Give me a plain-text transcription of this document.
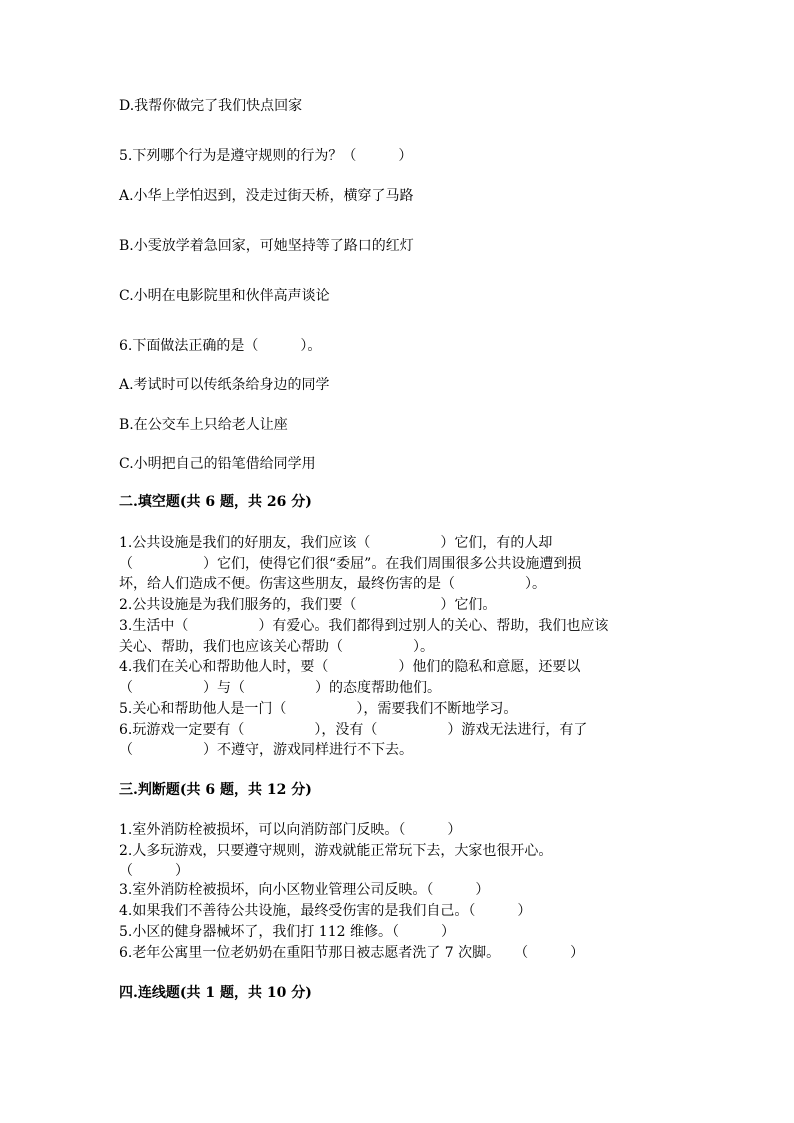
D.我帮你做完了我们快点回家
5.下列哪个行为是遵守规则的行为？（　　　）
A.小华上学怕迟到，没走过街天桥，横穿了马路
B.小雯放学着急回家，可她坚持等了路口的红灯
C.小明在电影院里和伙伴高声谈论
6.下面做法正确的是（　　　）。
A.考试时可以传纸条给身边的同学
B.在公交车上只给老人让座
C.小明把自己的铅笔借给同学用
二.填空题(共 6 题，共 26 分)
1.公共设施是我们的好朋友，我们应该（　　　　　）它们，有的人却
（　　　　　）它们，使得它们很“委屈”。在我们周围很多公共设施遭到损
坏，给人们造成不便。伤害这些朋友，最终伤害的是（　　　　　）。
2.公共设施是为我们服务的，我们要（　　　　　　）它们。
3.生活中（　　　　　）有爱心。我们都得到过别人的关心、帮助，我们也应该
关心、帮助，我们也应该关心帮助（　　　　　）。
4.我们在关心和帮助他人时，要（　　　　　）他们的隐私和意愿，还要以
（　　　　　）与（　　　　　）的态度帮助他们。
5.关心和帮助他人是一门（　　　　　），需要我们不断地学习。
6.玩游戏一定要有（　　　　　），没有（　　　　　）游戏无法进行，有了
（　　　　　）不遵守，游戏同样进行不下去。
三.判断题(共 6 题，共 12 分)
1.室外消防栓被损坏，可以向消防部门反映。（　　　）
2.人多玩游戏，只要遵守规则，游戏就能正常玩下去，大家也很开心。
（　　　）
3.室外消防栓被损坏，向小区物业管理公司反映。（　　　）
4.如果我们不善待公共设施，最终受伤害的是我们自己。（　　　）
5.小区的健身器械坏了，我们打 112 维修。（　　　）
6.老年公寓里一位老奶奶在重阳节那日被志愿者洗了 7 次脚。　　（　　　）
四.连线题(共 1 题，共 10 分)
